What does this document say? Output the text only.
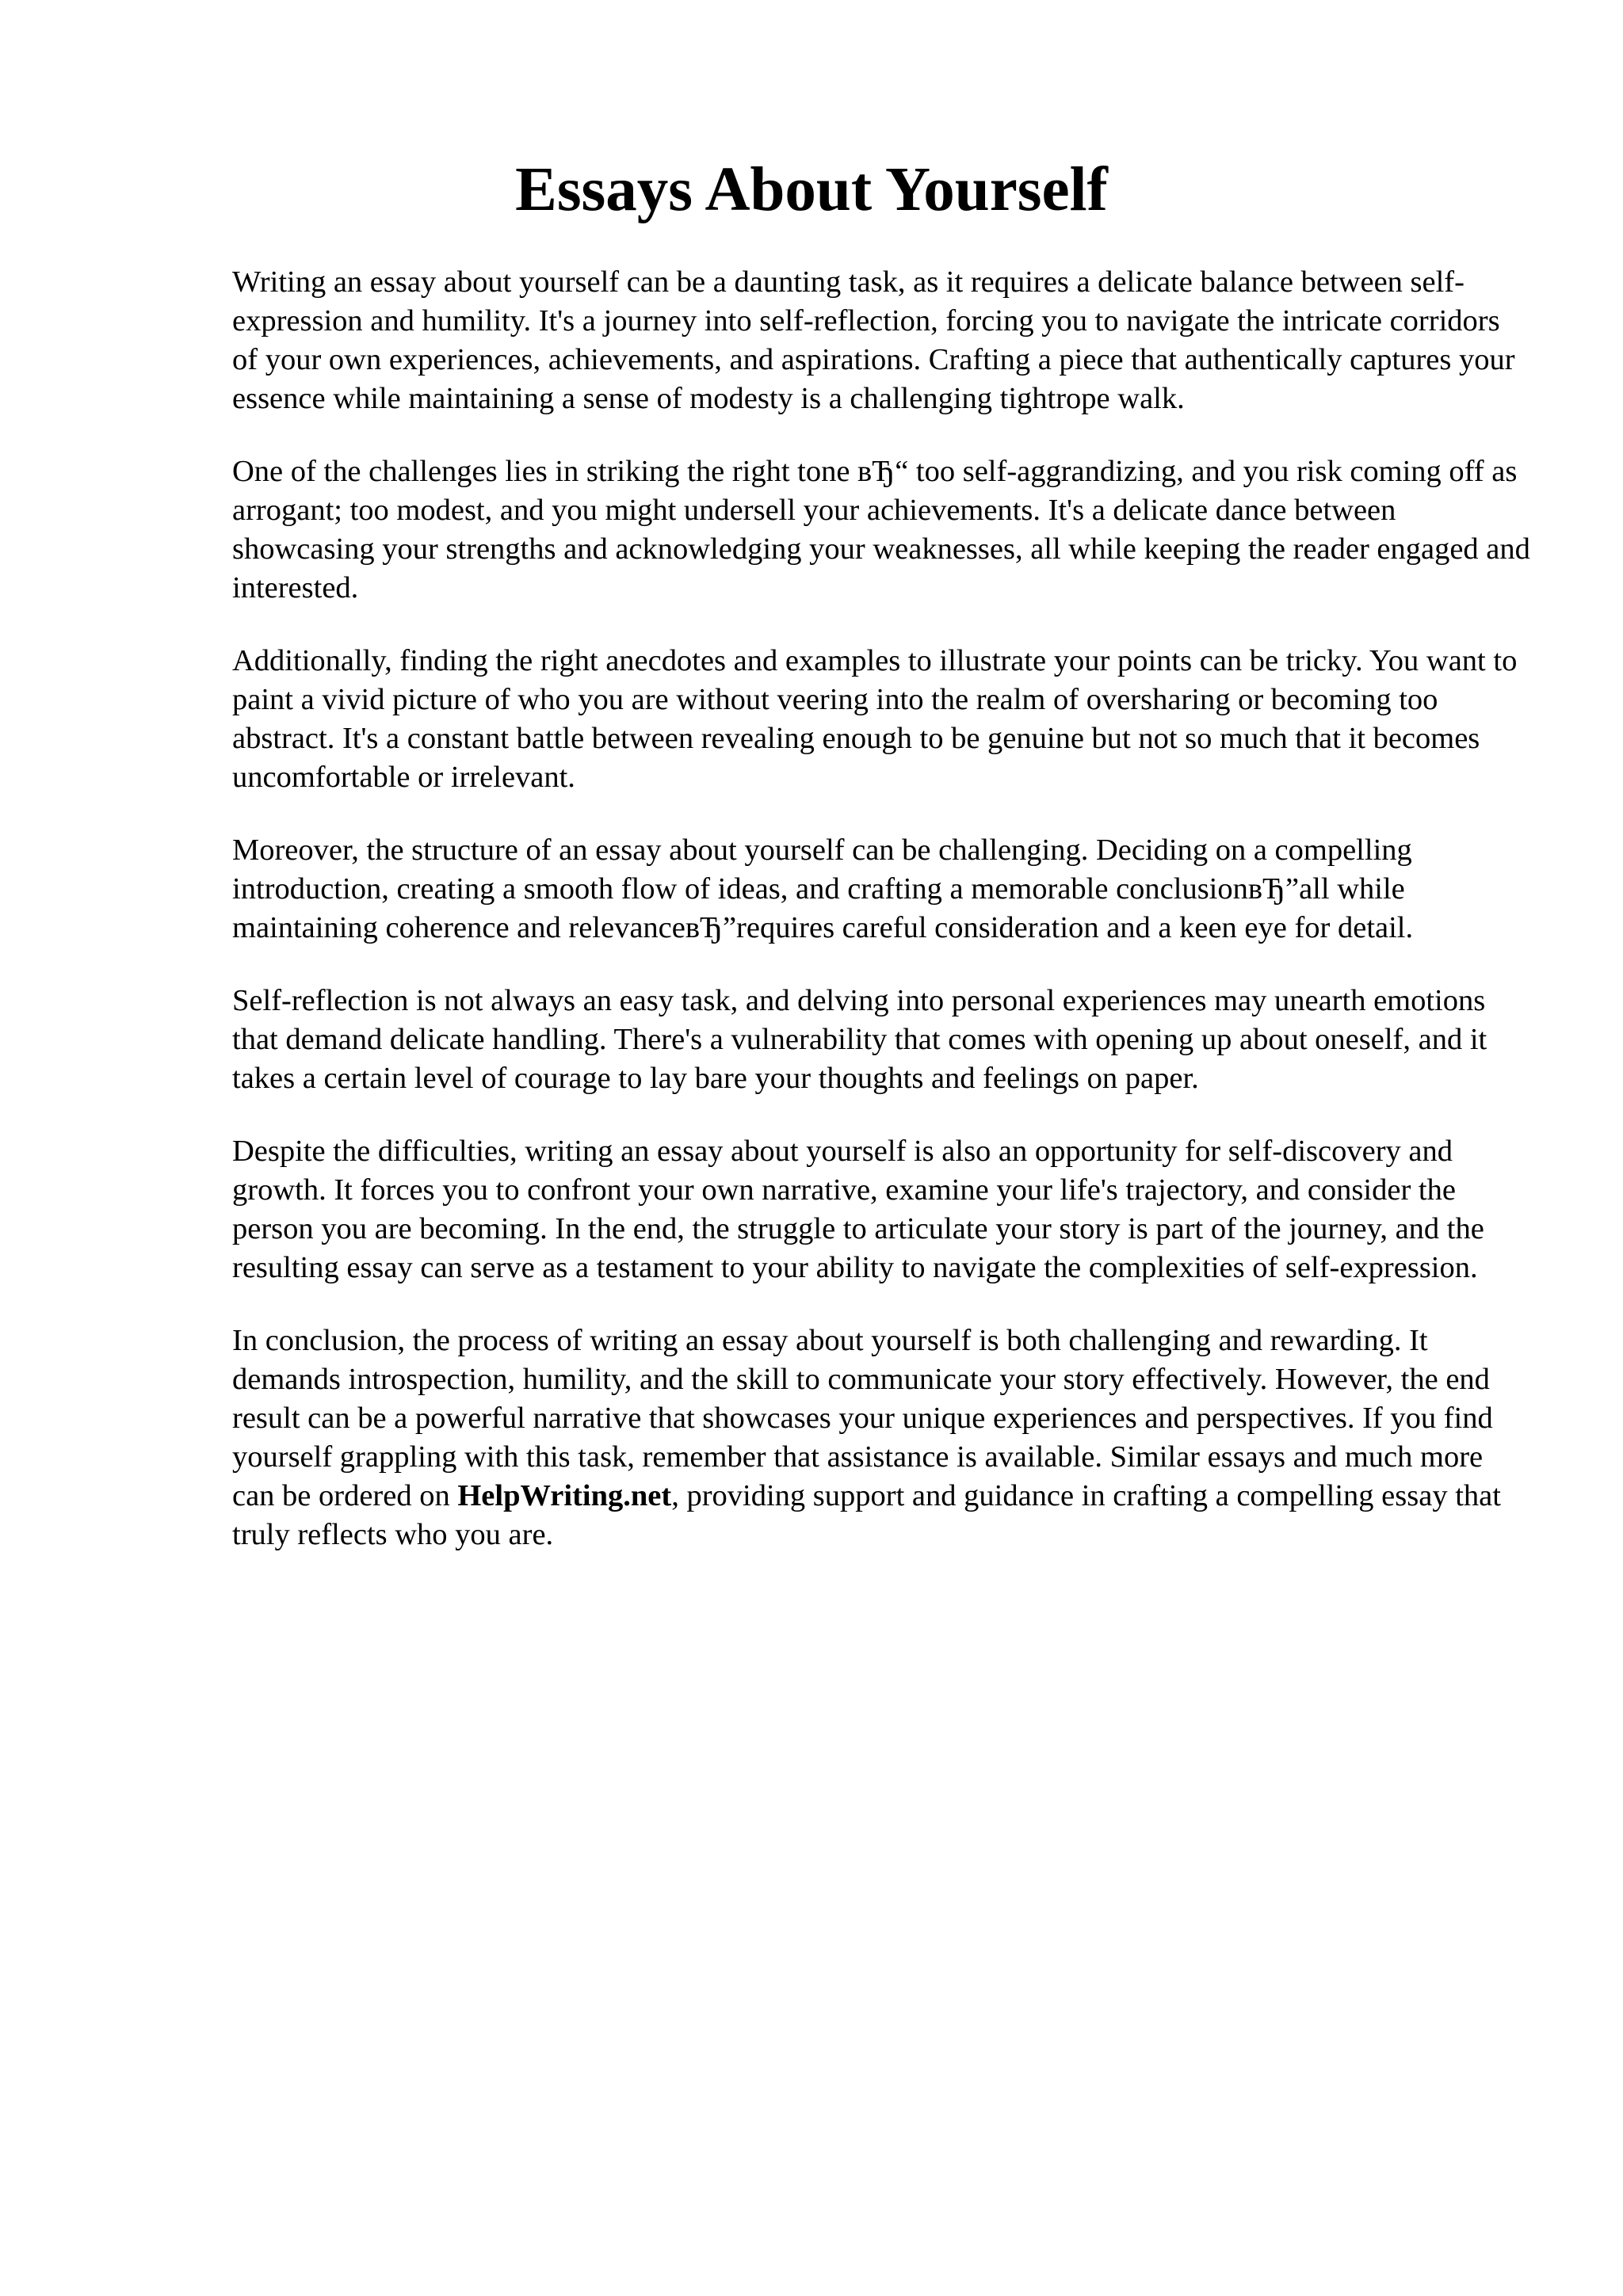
Essays About Yourself

Writing an essay about yourself can be a daunting task, as it requires a delicate balance between self-expression and humility. It's a journey into self-reflection, forcing you to navigate the intricate corridors of your own experiences, achievements, and aspirations. Crafting a piece that authentically captures your essence while maintaining a sense of modesty is a challenging tightrope walk.

One of the challenges lies in striking the right tone вЂ“ too self-aggrandizing, and you risk coming off as arrogant; too modest, and you might undersell your achievements. It's a delicate dance between showcasing your strengths and acknowledging your weaknesses, all while keeping the reader engaged and interested.

Additionally, finding the right anecdotes and examples to illustrate your points can be tricky. You want to paint a vivid picture of who you are without veering into the realm of oversharing or becoming too abstract. It's a constant battle between revealing enough to be genuine but not so much that it becomes uncomfortable or irrelevant.

Moreover, the structure of an essay about yourself can be challenging. Deciding on a compelling introduction, creating a smooth flow of ideas, and crafting a memorable conclusionвЂ”all while maintaining coherence and relevanceвЂ”requires careful consideration and a keen eye for detail.

Self-reflection is not always an easy task, and delving into personal experiences may unearth emotions that demand delicate handling. There's a vulnerability that comes with opening up about oneself, and it takes a certain level of courage to lay bare your thoughts and feelings on paper.

Despite the difficulties, writing an essay about yourself is also an opportunity for self-discovery and growth. It forces you to confront your own narrative, examine your life's trajectory, and consider the person you are becoming. In the end, the struggle to articulate your story is part of the journey, and the resulting essay can serve as a testament to your ability to navigate the complexities of self-expression.

In conclusion, the process of writing an essay about yourself is both challenging and rewarding. It demands introspection, humility, and the skill to communicate your story effectively. However, the end result can be a powerful narrative that showcases your unique experiences and perspectives. If you find yourself grappling with this task, remember that assistance is available. Similar essays and much more can be ordered on HelpWriting.net, providing support and guidance in crafting a compelling essay that truly reflects who you are.
